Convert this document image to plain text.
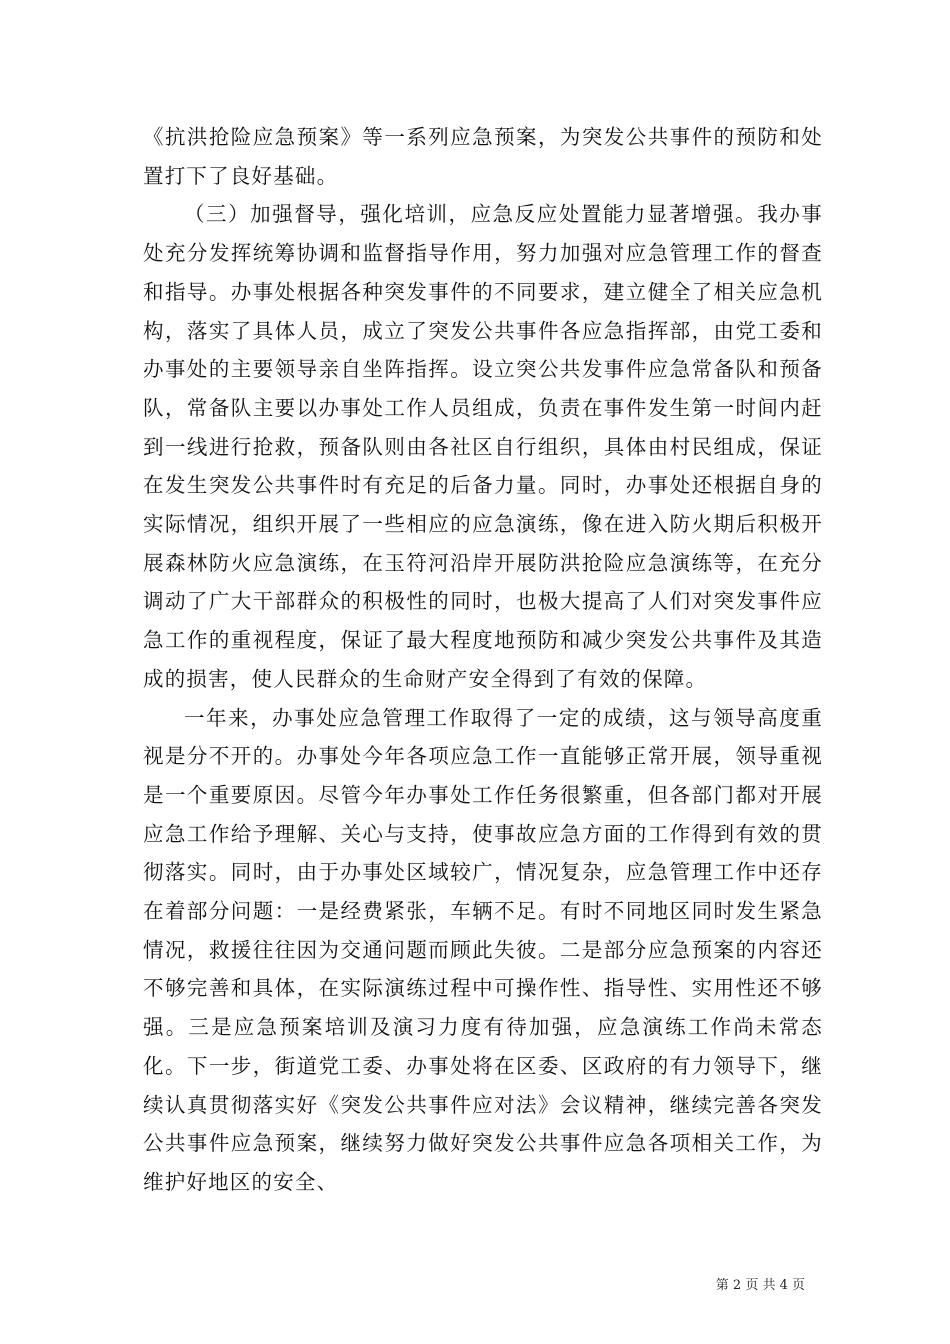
《抗洪抢险应急预案》等一系列应急预案，为突发公共事件的预防和处置打下了良好基础。

（三）加强督导，强化培训，应急反应处置能力显著增强。我办事处充分发挥统筹协调和监督指导作用，努力加强对应急管理工作的督查和指导。办事处根据各种突发事件的不同要求，建立健全了相关应急机构，落实了具体人员，成立了突发公共事件各应急指挥部，由党工委和办事处的主要领导亲自坐阵指挥。设立突公共发事件应急常备队和预备队，常备队主要以办事处工作人员组成，负责在事件发生第一时间内赶到一线进行抢救，预备队则由各社区自行组织，具体由村民组成，保证在发生突发公共事件时有充足的后备力量。同时，办事处还根据自身的实际情况，组织开展了一些相应的应急演练，像在进入防火期后积极开展森林防火应急演练，在玉符河沿岸开展防洪抢险应急演练等，在充分调动了广大干部群众的积极性的同时，也极大提高了人们对突发事件应急工作的重视程度，保证了最大程度地预防和减少突发公共事件及其造成的损害，使人民群众的生命财产安全得到了有效的保障。

一年来，办事处应急管理工作取得了一定的成绩，这与领导高度重视是分不开的。办事处今年各项应急工作一直能够正常开展，领导重视是一个重要原因。尽管今年办事处工作任务很繁重，但各部门都对开展应急工作给予理解、关心与支持，使事故应急方面的工作得到有效的贯彻落实。同时，由于办事处区域较广，情况复杂，应急管理工作中还存在着部分问题：一是经费紧张，车辆不足。有时不同地区同时发生紧急情况，救援往往因为交通问题而顾此失彼。二是部分应急预案的内容还不够完善和具体，在实际演练过程中可操作性、指导性、实用性还不够强。三是应急预案培训及演习力度有待加强，应急演练工作尚未常态化。下一步，街道党工委、办事处将在区委、区政府的有力领导下，继续认真贯彻落实好《突发公共事件应对法》会议精神，继续完善各突发公共事件应急预案，继续努力做好突发公共事件应急各项相关工作，为维护好地区的安全、

第 2 页 共 4 页
